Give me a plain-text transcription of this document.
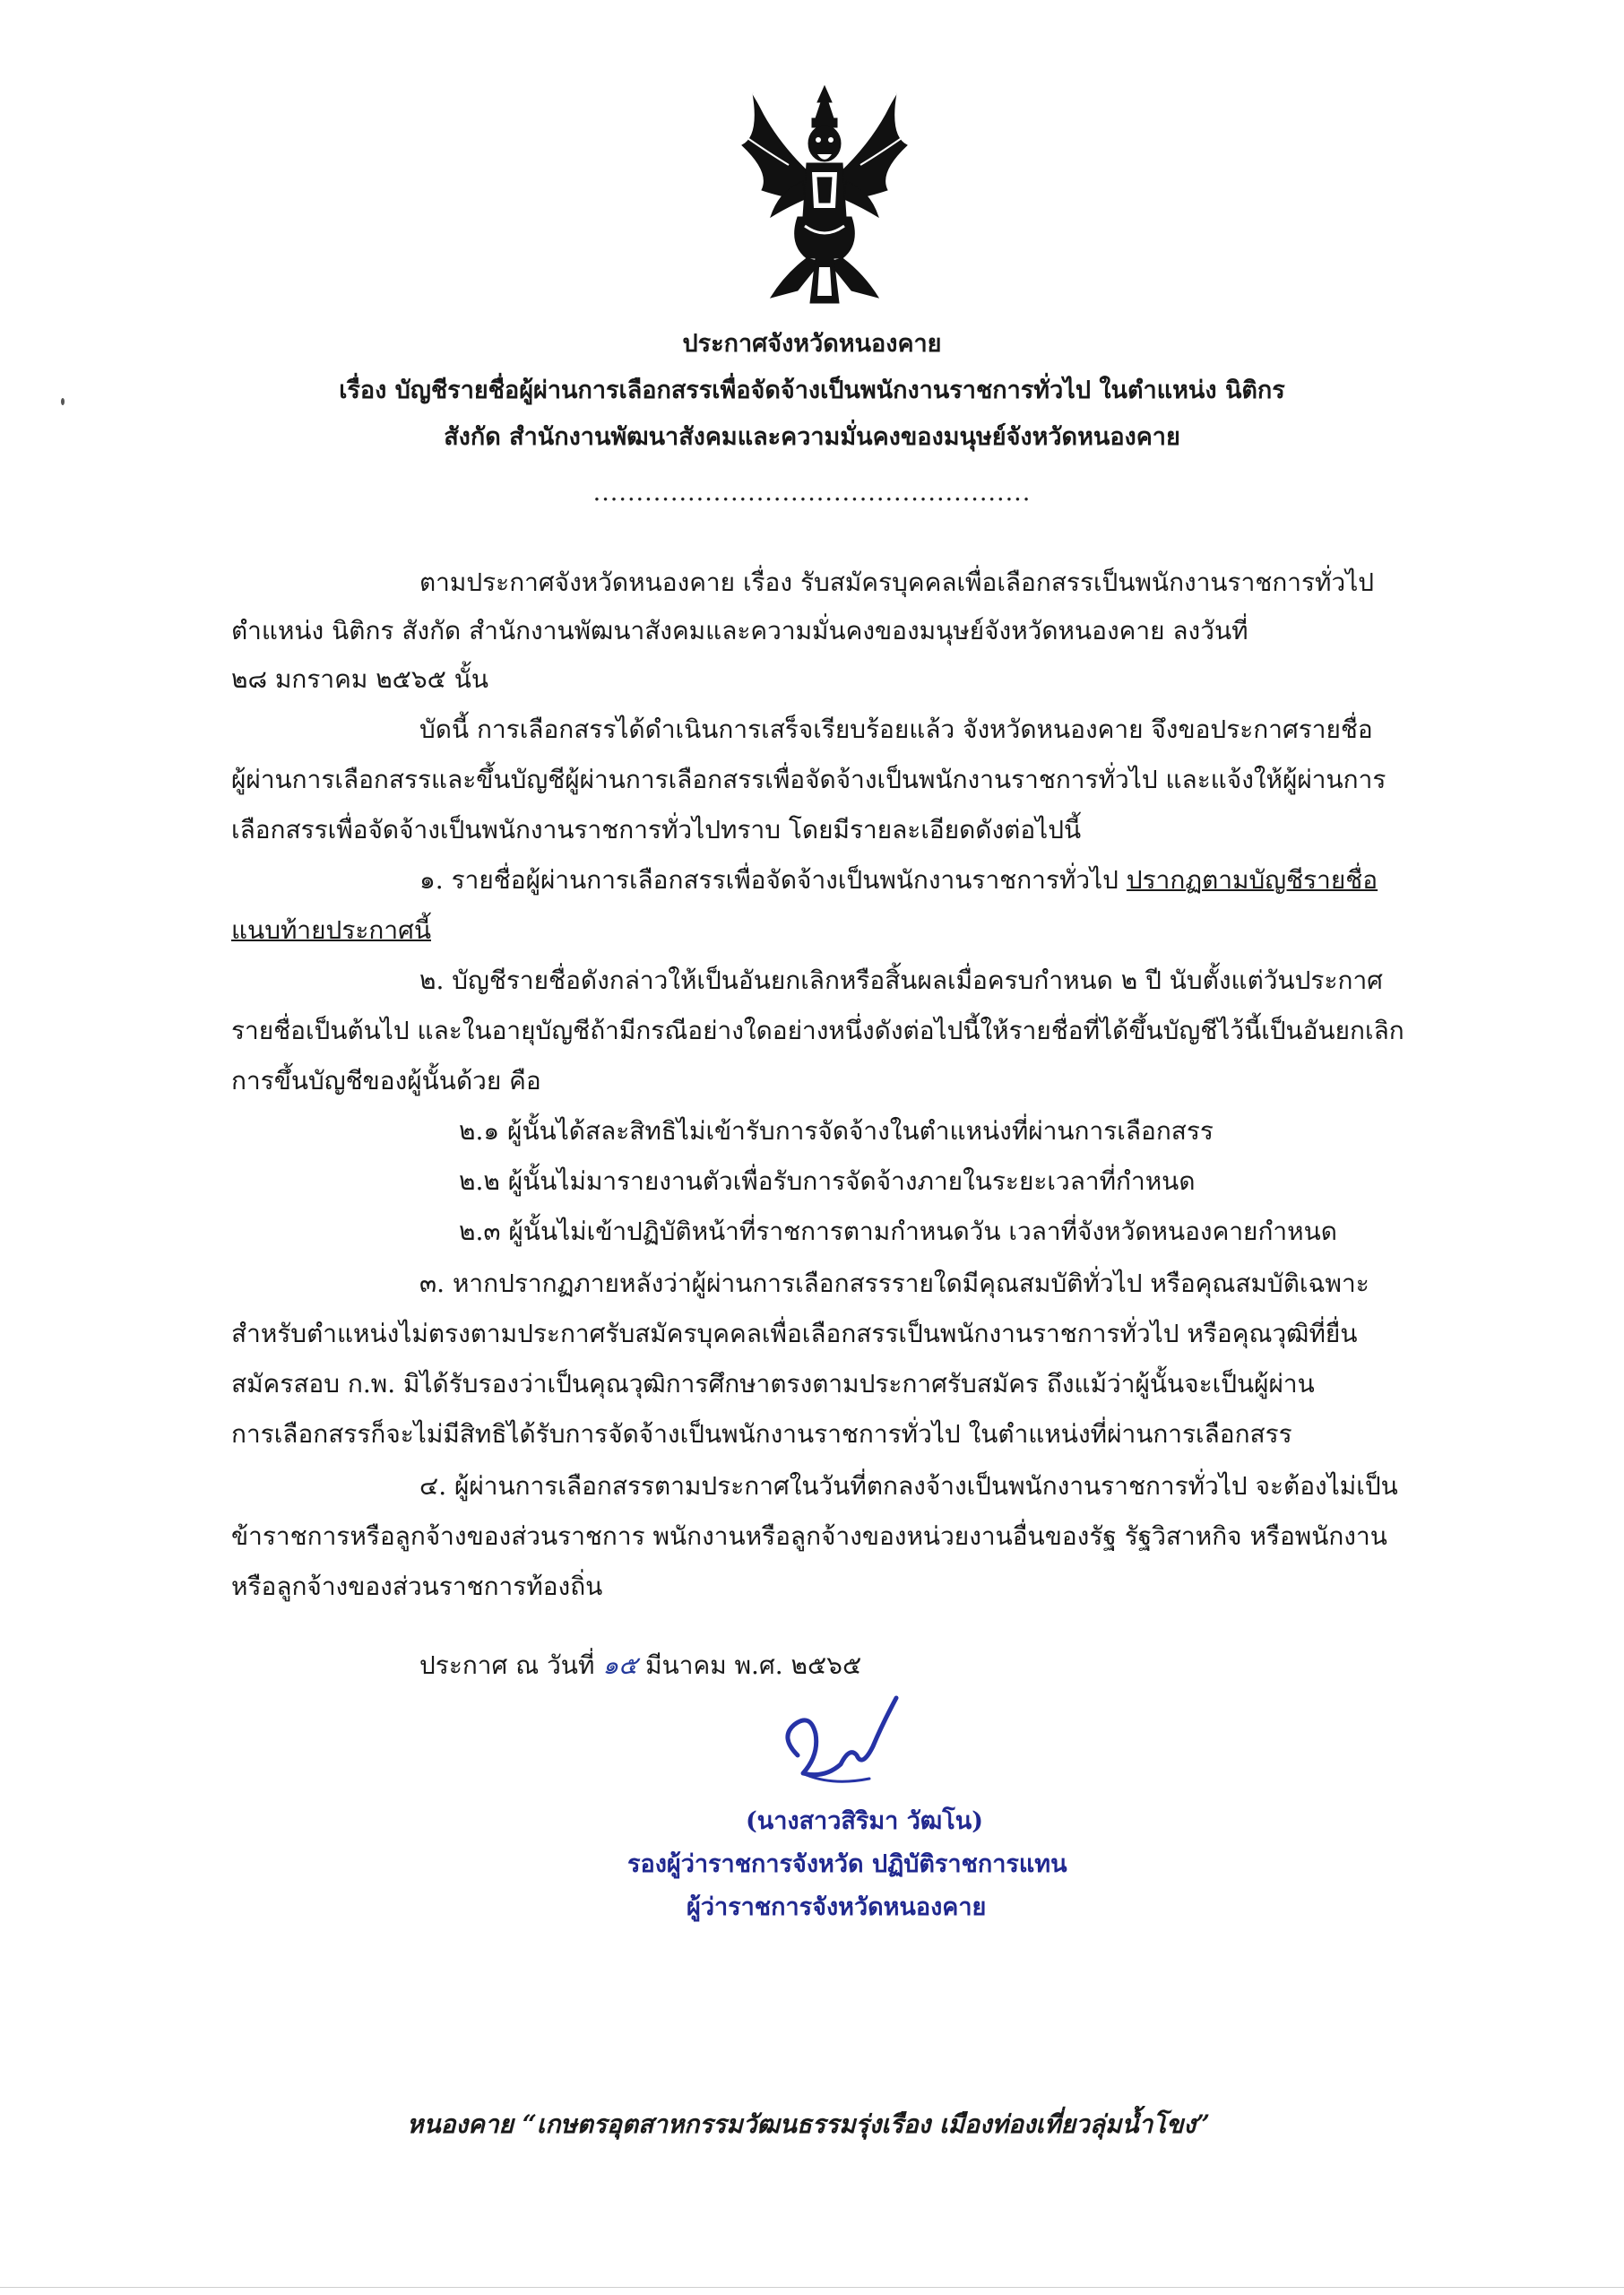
ประกาศจังหวัดหนองคาย
เรื่อง บัญชีรายชื่อผู้ผ่านการเลือกสรรเพื่อจัดจ้างเป็นพนักงานราชการทั่วไป ในตำแหน่ง นิติกร
สังกัด สำนักงานพัฒนาสังคมและความมั่นคงของมนุษย์จังหวัดหนองคาย
...................................................
ตามประกาศจังหวัดหนองคาย เรื่อง รับสมัครบุคคลเพื่อเลือกสรรเป็นพนักงานราชการทั่วไป
ตำแหน่ง นิติกร สังกัด สำนักงานพัฒนาสังคมและความมั่นคงของมนุษย์จังหวัดหนองคาย ลงวันที่
๒๘ มกราคม ๒๕๖๕ นั้น
บัดนี้ การเลือกสรรได้ดำเนินการเสร็จเรียบร้อยแล้ว จังหวัดหนองคาย จึงขอประกาศรายชื่อ
ผู้ผ่านการเลือกสรรและขึ้นบัญชีผู้ผ่านการเลือกสรรเพื่อจัดจ้างเป็นพนักงานราชการทั่วไป และแจ้งให้ผู้ผ่านการ
เลือกสรรเพื่อจัดจ้างเป็นพนักงานราชการทั่วไปทราบ โดยมีรายละเอียดดังต่อไปนี้
๑. รายชื่อผู้ผ่านการเลือกสรรเพื่อจัดจ้างเป็นพนักงานราชการทั่วไป ปรากฏตามบัญชีรายชื่อ
แนบท้ายประกาศนี้
๒. บัญชีรายชื่อดังกล่าวให้เป็นอันยกเลิกหรือสิ้นผลเมื่อครบกำหนด ๒ ปี นับตั้งแต่วันประกาศ
รายชื่อเป็นต้นไป และในอายุบัญชีถ้ามีกรณีอย่างใดอย่างหนึ่งดังต่อไปนี้ให้รายชื่อที่ได้ขึ้นบัญชีไว้นี้เป็นอันยกเลิก
การขึ้นบัญชีของผู้นั้นด้วย คือ
๒.๑ ผู้นั้นได้สละสิทธิไม่เข้ารับการจัดจ้างในตำแหน่งที่ผ่านการเลือกสรร
๒.๒ ผู้นั้นไม่มารายงานตัวเพื่อรับการจัดจ้างภายในระยะเวลาที่กำหนด
๒.๓ ผู้นั้นไม่เข้าปฏิบัติหน้าที่ราชการตามกำหนดวัน เวลาที่จังหวัดหนองคายกำหนด
๓. หากปรากฏภายหลังว่าผู้ผ่านการเลือกสรรรายใดมีคุณสมบัติทั่วไป หรือคุณสมบัติเฉพาะ
สำหรับตำแหน่งไม่ตรงตามประกาศรับสมัครบุคคลเพื่อเลือกสรรเป็นพนักงานราชการทั่วไป หรือคุณวุฒิที่ยื่น
สมัครสอบ ก.พ. มิได้รับรองว่าเป็นคุณวุฒิการศึกษาตรงตามประกาศรับสมัคร ถึงแม้ว่าผู้นั้นจะเป็นผู้ผ่าน
การเลือกสรรก็จะไม่มีสิทธิได้รับการจัดจ้างเป็นพนักงานราชการทั่วไป ในตำแหน่งที่ผ่านการเลือกสรร
๔. ผู้ผ่านการเลือกสรรตามประกาศในวันที่ตกลงจ้างเป็นพนักงานราชการทั่วไป จะต้องไม่เป็น
ข้าราชการหรือลูกจ้างของส่วนราชการ พนักงานหรือลูกจ้างของหน่วยงานอื่นของรัฐ รัฐวิสาหกิจ หรือพนักงาน
หรือลูกจ้างของส่วนราชการท้องถิ่น
ประกาศ ณ วันที่ ๑๕ มีนาคม พ.ศ. ๒๕๖๕
(นางสาวสิริมา วัฒโน)
รองผู้ว่าราชการจังหวัด ปฏิบัติราชการแทน
ผู้ว่าราชการจังหวัดหนองคาย
หนองคาย “เกษตรอุตสาหกรรมวัฒนธรรมรุ่งเรือง เมืองท่องเที่ยวลุ่มน้ำโขง”
